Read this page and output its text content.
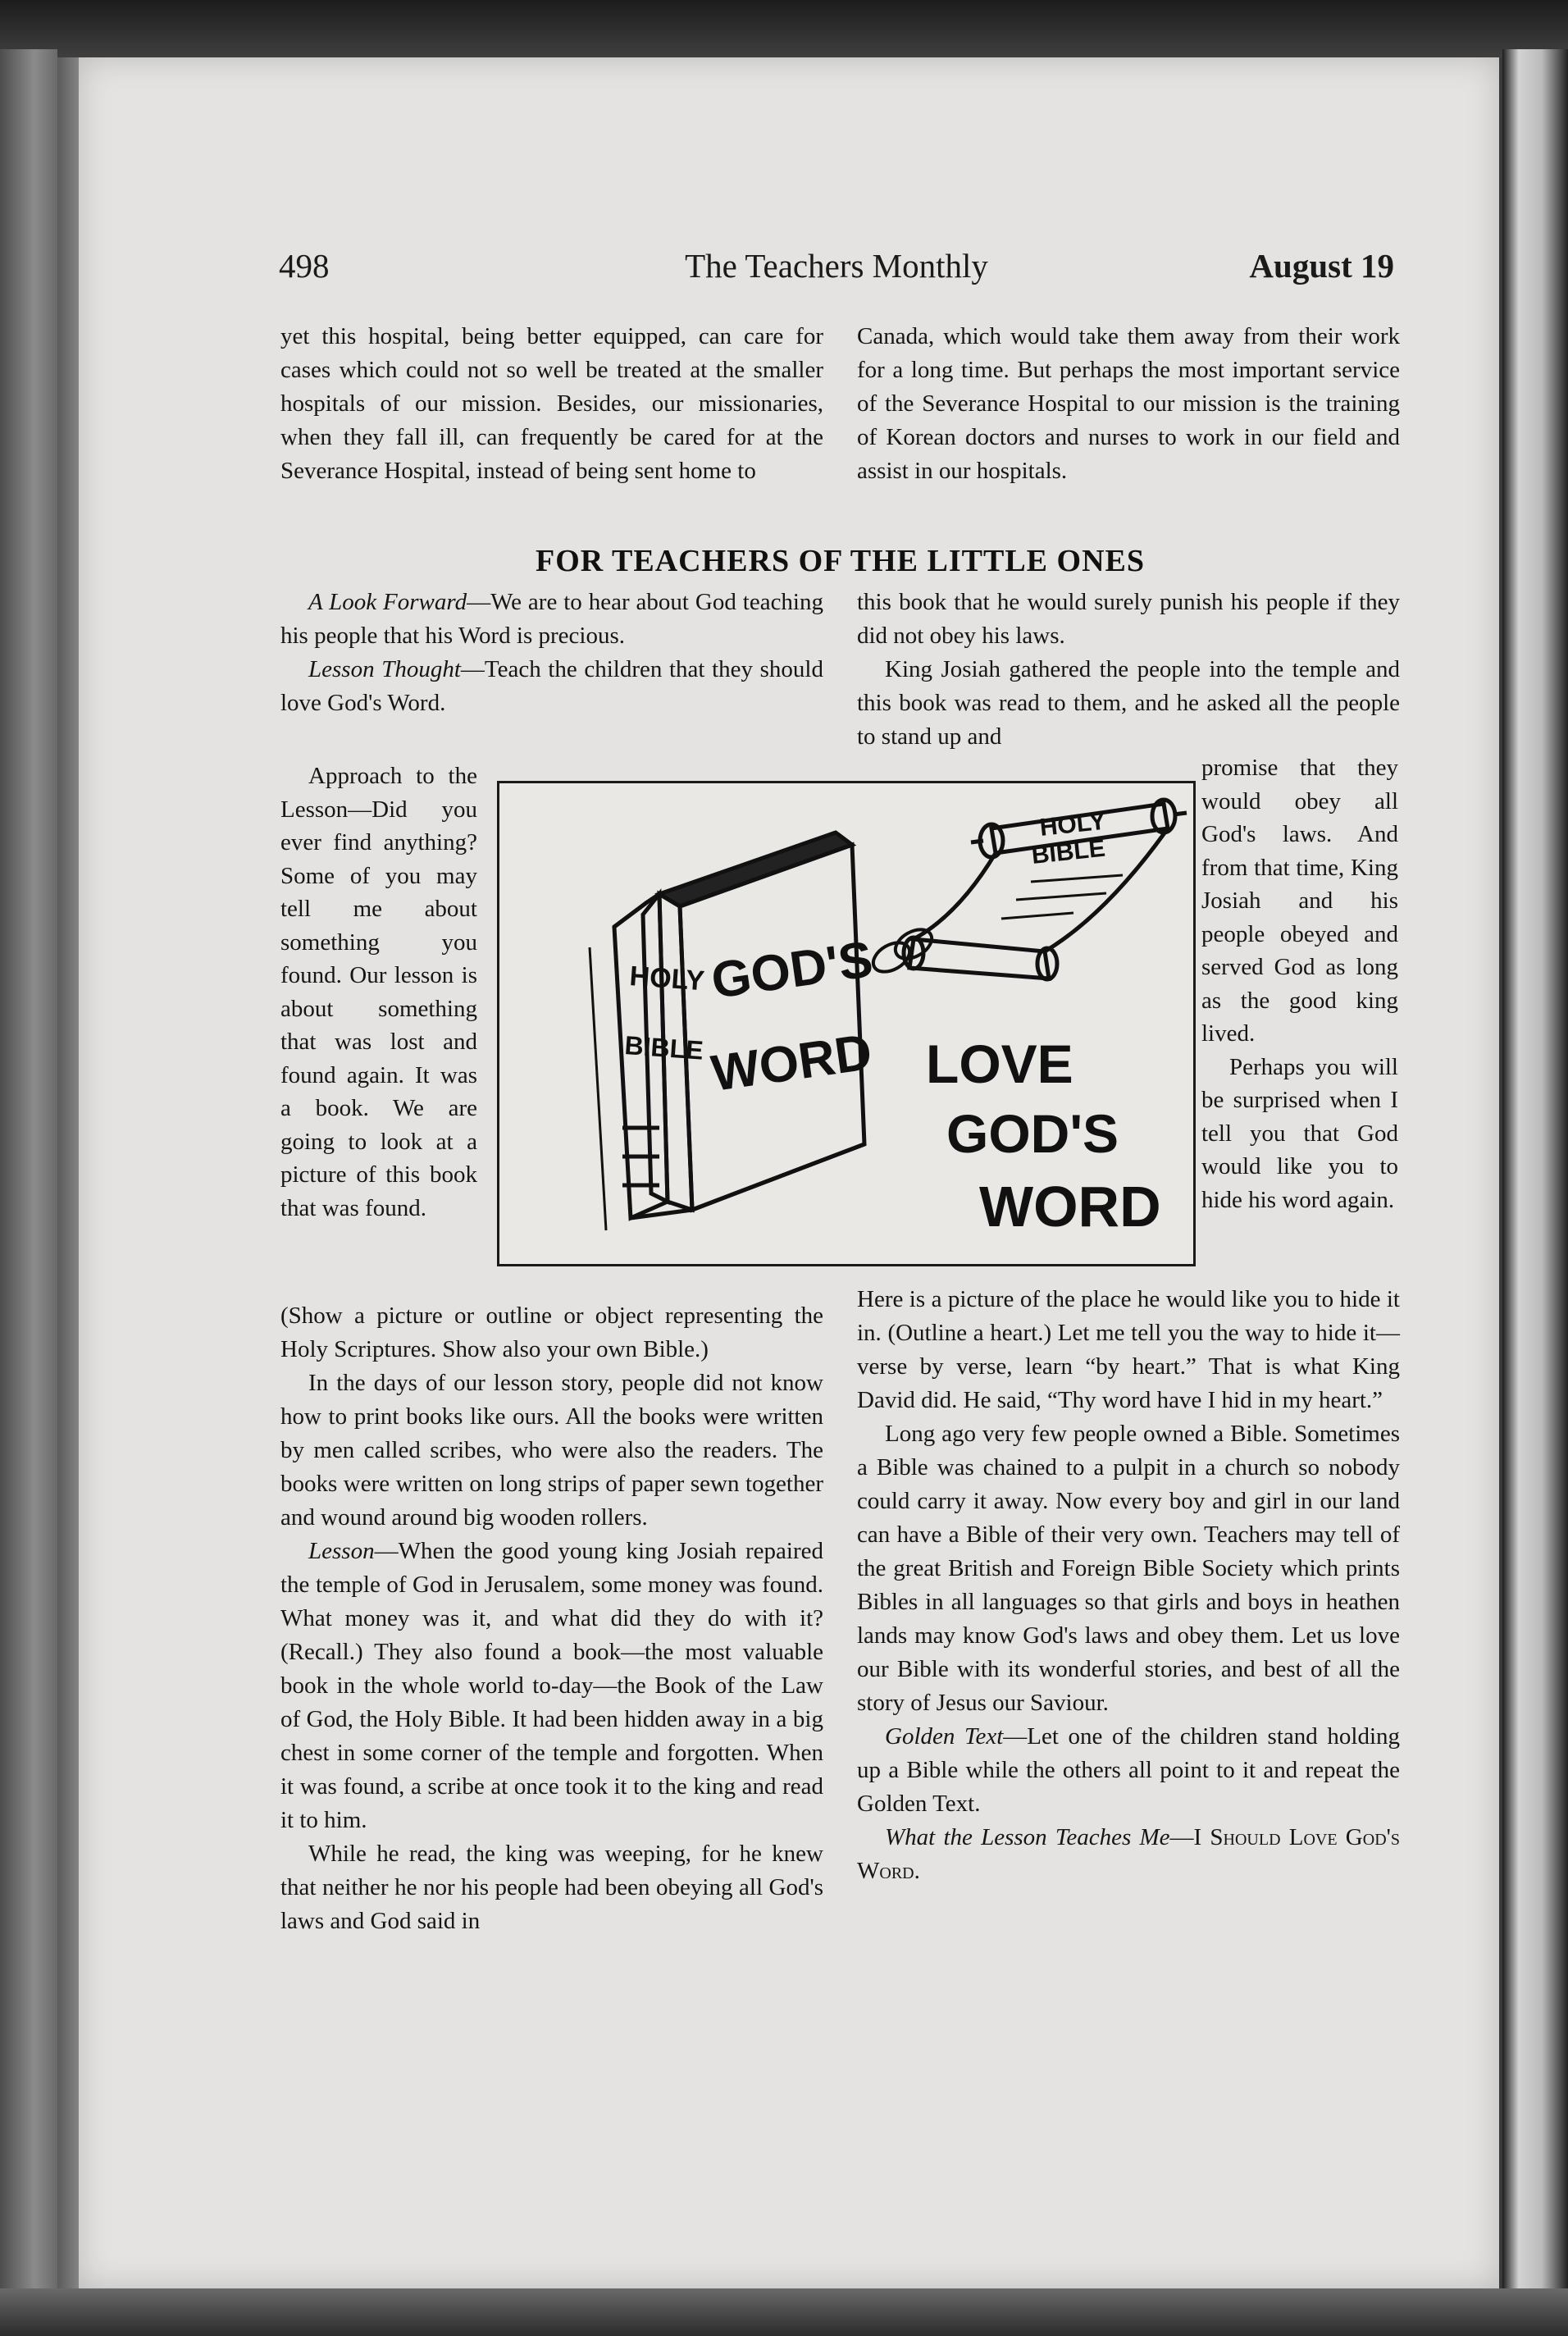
498	The Teachers Monthly	August 19

yet this hospital, being better equipped, can care for cases which could not so well be treated at the smaller hospitals of our mission. Besides, our missionaries, when they fall ill, can frequently be cared for at the Severance Hospital, instead of being sent home to

Canada, which would take them away from their work for a long time. But perhaps the most important service of the Severance Hospital to our mission is the training of Korean doctors and nurses to work in our field and assist in our hospitals.

FOR TEACHERS OF THE LITTLE ONES

A Look Forward—We are to hear about God teaching his people that his Word is precious.

Lesson Thought—Teach the children that they should love God's Word.

this book that he would surely punish his people if they did not obey his laws.

King Josiah gathered the people into the temple and this book was read to them, and he asked all the people to stand up and

Approach to the Lesson—Did you ever find anything? Some of you may tell me about something you found. Our lesson is about something that was lost and found again. It was a book. We are going to look at a picture of this book that was found.

HOLY
BIBLE
GOD'S
WORD
HOLY
BIBLE
LOVE
GOD'S
WORD

promise that they would obey all God's laws. And from that time, King Josiah and his people obeyed and served God as long as the good king lived.

Perhaps you will be surprised when I tell you that God would like you to hide his word again.

(Show a picture or outline or object representing the Holy Scriptures. Show also your own Bible.)

In the days of our lesson story, people did not know how to print books like ours. All the books were written by men called scribes, who were also the readers. The books were written on long strips of paper sewn together and wound around big wooden rollers.

Lesson—When the good young king Josiah repaired the temple of God in Jerusalem, some money was found. What money was it, and what did they do with it? (Recall.) They also found a book—the most valuable book in the whole world to-day—the Book of the Law of God, the Holy Bible. It had been hidden away in a big chest in some corner of the temple and forgotten. When it was found, a scribe at once took it to the king and read it to him.

While he read, the king was weeping, for he knew that neither he nor his people had been obeying all God's laws and God said in

Here is a picture of the place he would like you to hide it in. (Outline a heart.) Let me tell you the way to hide it—verse by verse, learn “by heart.” That is what King David did. He said, “Thy word have I hid in my heart.”

Long ago very few people owned a Bible. Sometimes a Bible was chained to a pulpit in a church so nobody could carry it away. Now every boy and girl in our land can have a Bible of their very own. Teachers may tell of the great British and Foreign Bible Society which prints Bibles in all languages so that girls and boys in heathen lands may know God's laws and obey them. Let us love our Bible with its wonderful stories, and best of all the story of Jesus our Saviour.

Golden Text—Let one of the children stand holding up a Bible while the others all point to it and repeat the Golden Text.

What the Lesson Teaches Me—I Should Love God's Word.
